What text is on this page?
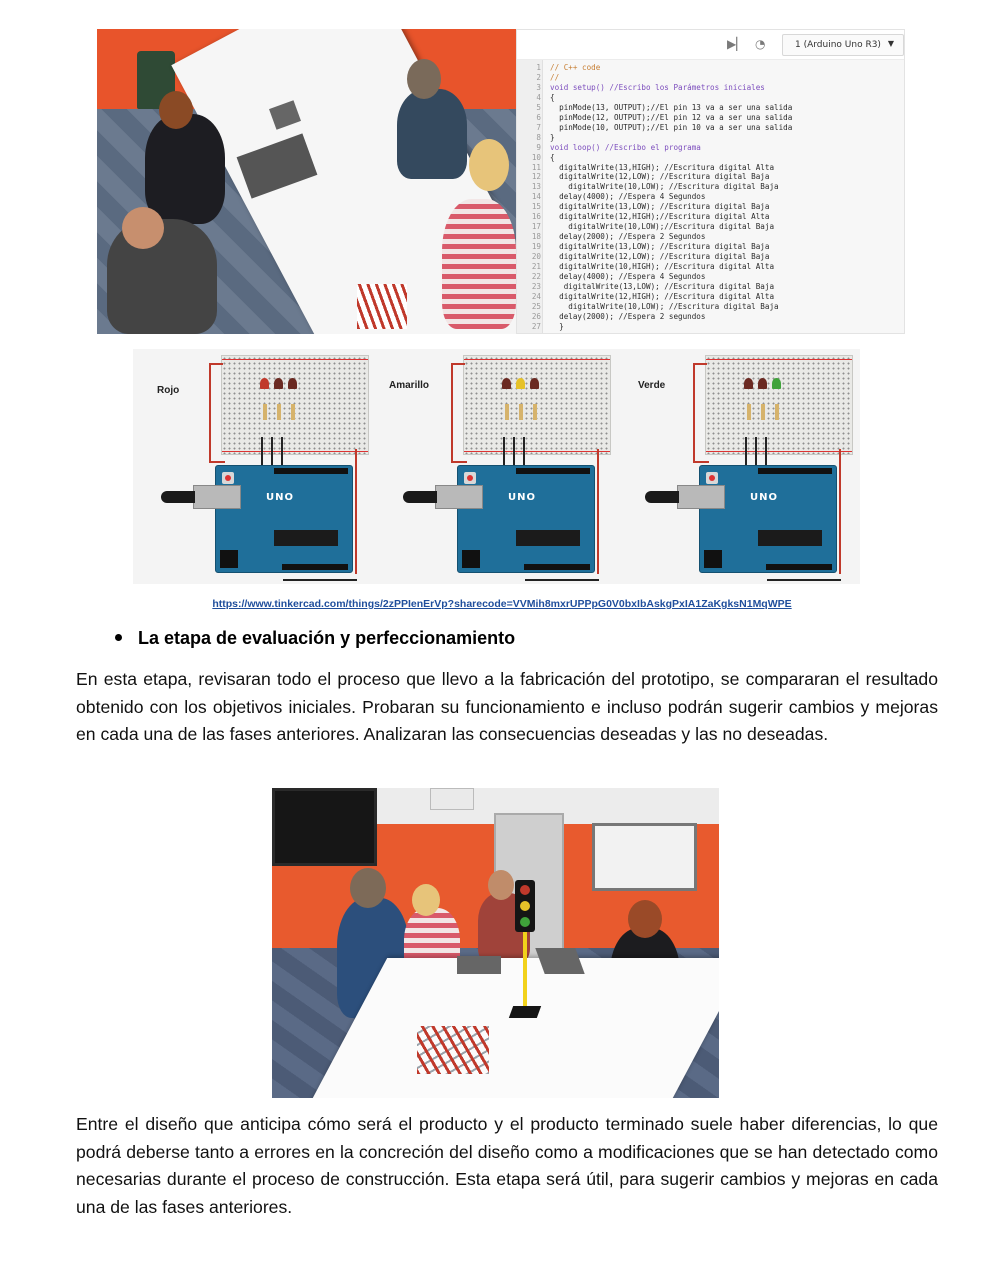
▶▏ ◔	1 (Arduino Uno R3) ▼
1 // C++ code
2 //
3 void setup() //Escribo los Parámetros iniciales
4 {
5 pinMode(13, OUTPUT);//El pin 13 va a ser una salida
6 pinMode(12, OUTPUT);//El pin 12 va a ser una salida
7 pinMode(10, OUTPUT);//El pin 10 va a ser una salida
8 }
9 void loop() //Escribo el programa
10 {
11 digitalWrite(13,HIGH); //Escritura digital Alta
12 digitalWrite(12,LOW); //Escritura digital Baja
13 digitalWrite(10,LOW); //Escritura digital Baja
14 delay(4000); //Espera 4 Segundos
15 digitalWrite(13,LOW); //Escritura digital Baja
16 digitalWrite(12,HIGH);//Escritura digital Alta
17 digitalWrite(10,LOW);//Escritura digital Baja
18 delay(2000); //Espera 2 Segundos
19 digitalWrite(13,LOW); //Escritura digital Baja
20 digitalWrite(12,LOW); //Escritura digital Baja
21 digitalWrite(10,HIGH); //Escritura digital Alta
22 delay(4000); //Espera 4 Segundos
23 digitalWrite(13,LOW); //Escritura digital Baja
24 digitalWrite(12,HIGH); //Escritura digital Alta
25 digitalWrite(10,LOW); //Escritura digital Baja
26 delay(2000); //Espera 2 segundos
27 }
Rojo
UNO
Amarillo
UNO
Verde
UNO
https://www.tinkercad.com/things/2zPPIenErVp?sharecode=VVMih8mxrUPPpG0V0bxIbAskgPxIA1ZaKgksN1MqWPE
La etapa de evaluación y perfeccionamiento

En esta etapa, revisaran todo el proceso que llevo a la fabricación del prototipo, se compararan el resultado obtenido con los objetivos iniciales. Probaran su funcionamiento e incluso podrán sugerir cambios y mejoras en cada una de las fases anteriores. Analizaran las consecuencias deseadas y las no deseadas.

Entre el diseño que anticipa cómo será el producto y el producto terminado suele haber diferencias, lo que podrá deberse tanto a errores en la concreción del diseño como a modificaciones que se han detectado como necesarias durante el proceso de construcción. Esta etapa será útil, para sugerir cambios y mejoras en cada una de las fases anteriores.
